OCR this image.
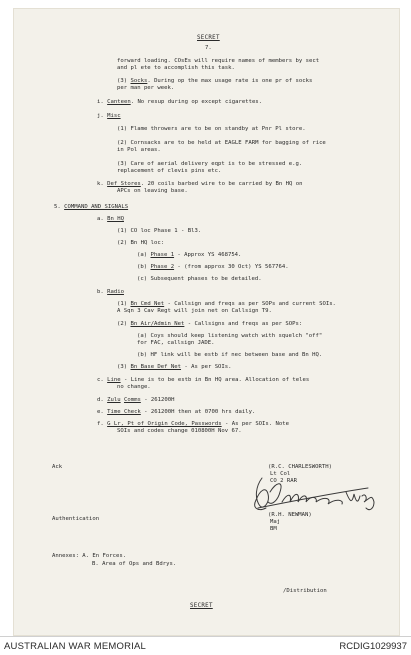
SECRET
7.
forward loading. COsEs will require names of members by sect
and pl ete to accomplish this task.
(3) Socks. During op the max usage rate is one pr of socks
per man per week.
i. Canteen. No resup during op except cigarettes.
j. Misc
(1) Flame throwers are to be on standby at Pnr Pl store.
(2) Cornsacks are to be held at EAGLE FARM for bagging of rice
in Pol areas.
(3) Care of aerial delivery eqpt is to be stressed e.g.
replacement of clevis pins etc.
k. Def Stores. 20 coils barbed wire to be carried by Bn HQ on
APCs on leaving base.
5. COMMAND AND SIGNALS
a. Bn HQ
(1) CO loc Phase 1 - Bl3.
(2) Bn HQ loc:
(a) Phase 1 - Approx YS 468754.
(b) Phase 2 - (from approx 30 Oct) YS 567764.
(c) Subsequent phases to be detailed.
b. Radio
(1) Bn Cmd Net - Callsign and freqs as per SOPs and current SOIs.
A Sqn 3 Cav Regt will join net on Callsign T9.
(2) Bn Air/Admin Net - Callsigns and freqs as per SOPs:
(a) Coys should keep listening watch with squelch "off"
for FAC, callsign JADE.
(b) HF link will be estb if nec between base and Bn HQ.
(3) Bn Base Def Net - As per SOIs.
c. Line - Line is to be estb in Bn HQ area. Allocation of teles
no change.
d. Zulu Comms - 261200H
e. Time Check - 261200H then at 0700 hrs daily.
f. G Lr, Pt of Origin Code, Passwords - As per SOIs. Note
SOIs and codes change 010800H Nov 67.
Ack	(R.C. CHARLESWORTH)
Lt Col
CO 2 RAR
Authentication
(R.H. NEWMAN)
Maj
BM
Annexes: A. En Forces.
B. Area of Ops and Bdrys.
/Distribution
SECRET
AUSTRALIAN WAR MEMORIAL	RCDIG1029937
